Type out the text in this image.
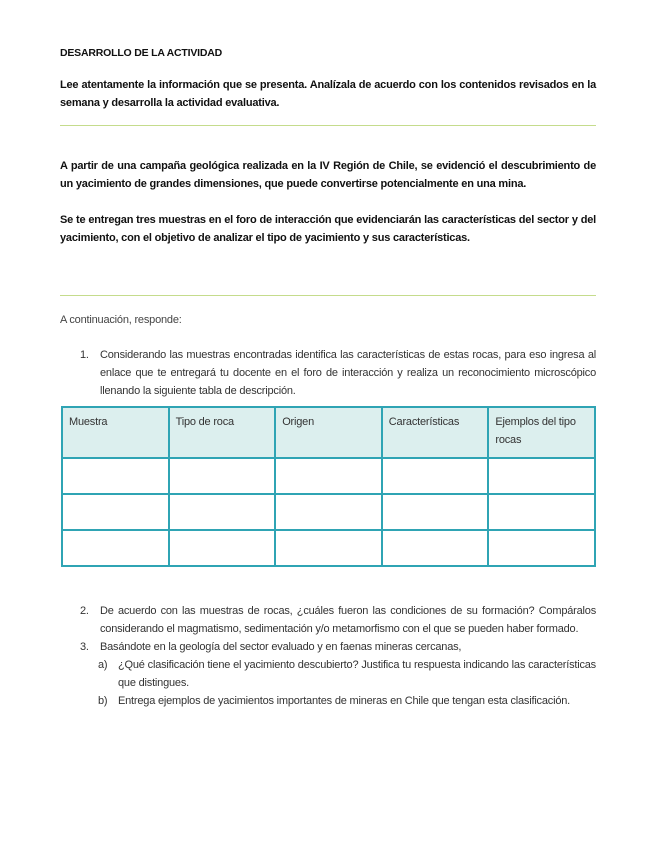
DESARROLLO DE LA ACTIVIDAD

Lee atentamente la información que se presenta. Analízala de acuerdo con los contenidos revisados en la semana y desarrolla la actividad evaluativa.

A partir de una campaña geológica realizada en la IV Región de Chile, se evidenció el descubrimiento de un yacimiento de grandes dimensiones, que puede convertirse potencialmente en una mina.

Se te entregan tres muestras en el foro de interacción que evidenciarán las características del sector y del yacimiento, con el objetivo de analizar el tipo de yacimiento y sus características.

A continuación, responde:

1. Considerando las muestras encontradas identifica las características de estas rocas, para eso ingresa al enlace que te entregará tu docente en el foro de interacción y realiza un reconocimiento microscópico llenando la siguiente tabla de descripción.
Muestra	Tipo de roca	Origen	Características	Ejemplos del tipo rocas

2. De acuerdo con las muestras de rocas, ¿cuáles fueron las condiciones de su formación? Compáralos considerando el magmatismo, sedimentación y/o metamorfismo con el que se pueden haber formado.
3. Basándote en la geología del sector evaluado y en faenas mineras cercanas,
a) ¿Qué clasificación tiene el yacimiento descubierto? Justifica tu respuesta indicando las características que distingues.
b) Entrega ejemplos de yacimientos importantes de mineras en Chile que tengan esta clasificación.
